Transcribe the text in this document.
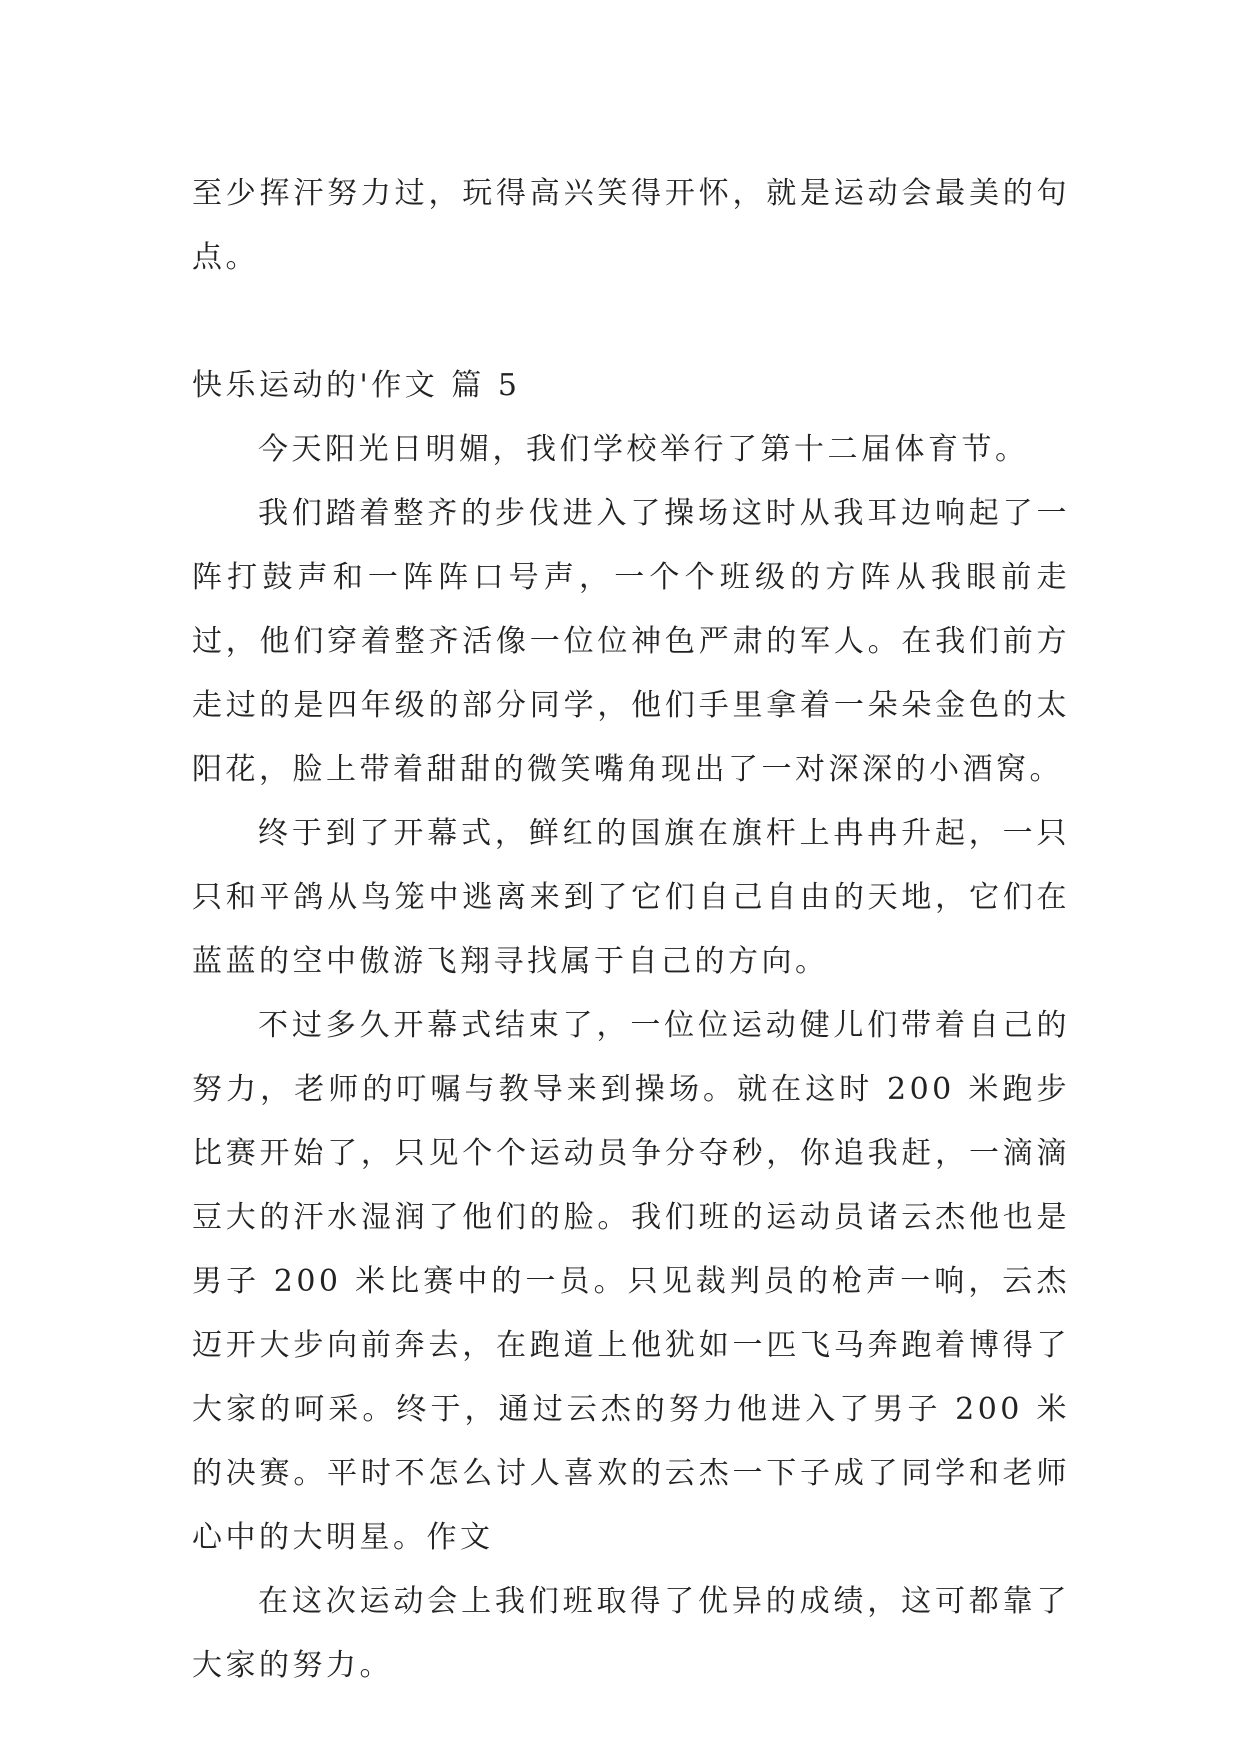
至少挥汗努力过，玩得高兴笑得开怀，就是运动会最美的句点。

快乐运动的'作文 篇 5

今天阳光日明媚，我们学校举行了第十二届体育节。

我们踏着整齐的步伐进入了操场这时从我耳边响起了一阵打鼓声和一阵阵口号声，一个个班级的方阵从我眼前走过，他们穿着整齐活像一位位神色严肃的军人。在我们前方走过的是四年级的部分同学，他们手里拿着一朵朵金色的太阳花，脸上带着甜甜的微笑嘴角现出了一对深深的小酒窝。

终于到了开幕式，鲜红的国旗在旗杆上冉冉升起，一只只和平鸽从鸟笼中逃离来到了它们自己自由的天地，它们在蓝蓝的空中傲游飞翔寻找属于自己的方向。

不过多久开幕式结束了，一位位运动健儿们带着自己的努力，老师的叮嘱与教导来到操场。就在这时 200 米跑步比赛开始了，只见个个运动员争分夺秒，你追我赶，一滴滴豆大的汗水湿润了他们的脸。我们班的运动员诸云杰他也是男子 200 米比赛中的一员。只见裁判员的枪声一响，云杰迈开大步向前奔去，在跑道上他犹如一匹飞马奔跑着博得了大家的呵采。终于，通过云杰的努力他进入了男子 200 米的决赛。平时不怎么讨人喜欢的云杰一下子成了同学和老师心中的大明星。作文

在这次运动会上我们班取得了优异的成绩，这可都靠了大家的努力。
